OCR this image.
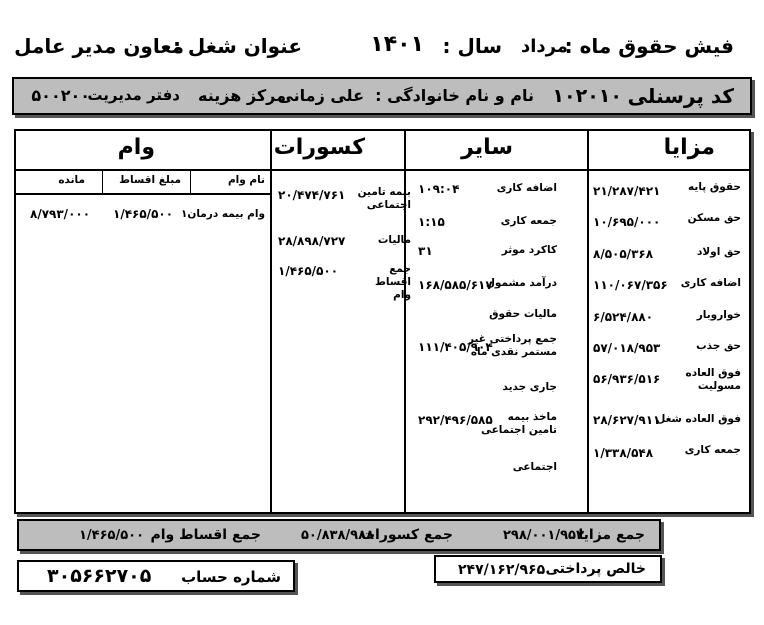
فیش حقوق ماه :
مرداد
سال :
۱۴۰۱
عنوان شغل :
معاون مدیر عامل
کد پرسنلی
۱۰۲۰۱۰
نام و نام خانوادگی :
علی زمانی
مرکز هزینه
دفتر مدیریت
۵۰۰۲۰۰
مزایا
سایر
کسورات
وام
حقوق پایه
۲۱/۲۸۷/۴۲۱
حق مسکن
۱۰/۶۹۵/۰۰۰
حق اولاد
۸/۵۰۵/۳۶۸
اضافه کاری
۱۱۰/۰۶۷/۳۵۶
خواروبار
۶/۵۲۴/۸۸۰
حق جذب
۵۷/۰۱۸/۹۵۳
فوق العاده مسولیت
۵۶/۹۳۶/۵۱۶
فوق العاده شغل
۲۸/۶۲۷/۹۱۱
جمعه کاری
۱/۳۳۸/۵۴۸
اضافه کاری
۱۰۹:۰۴
جمعه کاری
۱:۱۵
کاکرد موثر
۳۱
درآمد مشمول
۱۶۸/۵۸۵/۶۱۷
مالیات حقوق
جمع پرداختی غیر مستمر نقدی ماه
۱۱۱/۴۰۵/۹۰۴
جاری جدید
ماخذ بیمه تامین اجتماعی
۲۹۲/۴۹۶/۵۸۵
اجتماعی
بیمه تامین اجتماعی
۲۰/۴۷۴/۷۶۱
مالیات
۲۸/۸۹۸/۷۲۷
جمع اقساط وام
۱/۴۶۵/۵۰۰
نام وام
مبلغ اقساط
مانده
وام بیمه درمان۱
۱/۴۶۵/۵۰۰
۸/۷۹۳/۰۰۰
جمع مزایا
۲۹۸/۰۰۱/۹۵۳
جمع کسورات
۵۰/۸۳۸/۹۸۸
جمع اقساط وام
۱/۴۶۵/۵۰۰
خالص پرداختی
۲۴۷/۱۶۲/۹۶۵
شماره حساب
۳۰۵۶۶۲۷۰۵
